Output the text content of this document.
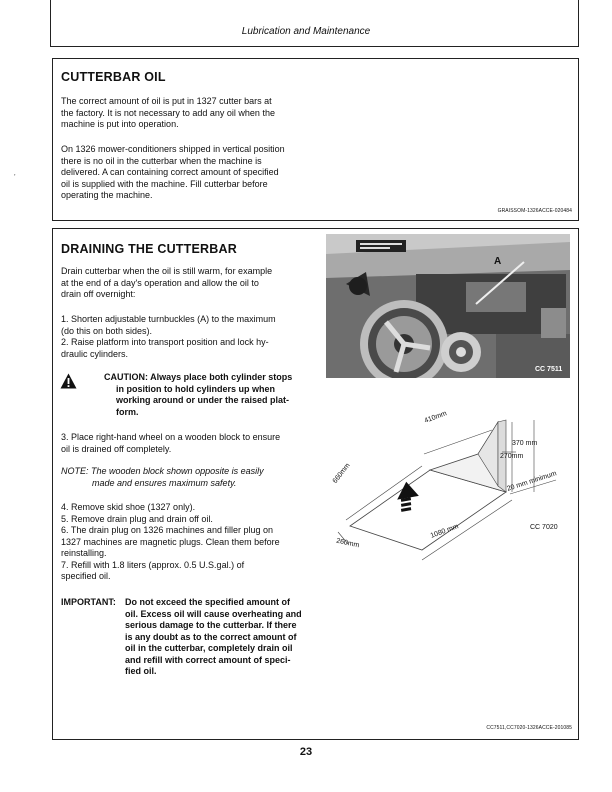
Lubrication and Maintenance
’
CUTTERBAR OIL

The correct amount of oil is put in 1327 cutter bars at

the factory. It is not necessary to add any oil when the

machine is put into operation.

On 1326 mower-conditioners shipped in vertical position

there is no oil in the cutterbar when the machine is

delivered. A can containing correct amount of specified

oil is supplied with the machine. Fill cutterbar before

operating the machine.

GRAISSOM-1326ACCE-020484
DRAINING THE CUTTERBAR

Drain cutterbar when the oil is still warm, for example

at the end of a day's operation and allow the oil to

drain off overnight:

1. Shorten adjustable turnbuckles (A) to the maximum

(do this on both sides).

2. Raise platform into transport position and lock hy-

draulic cylinders.

CAUTION: Always place both cylinder stops
in position to hold cylinders up when
working around or under the raised plat-
form.

3. Place right-hand wheel on a wooden block to ensure

oil is drained off completely.

NOTE: The wooden block shown opposite is easily
made and ensures maximum safety.

4. Remove skid shoe (1327 only).

5. Remove drain plug and drain off oil.

6. The drain plug on 1326 machines and filler plug on

1327 machines are magnetic plugs. Clean them before

reinstalling.

7. Refill with 1.8 liters (approx. 0.5 U.S.gal.) of

specified oil.

IMPORTANT: Do not exceed the specified amount of
oil. Excess oil will cause overheating and
serious damage to the cutterbar. If there
is any doubt as to the correct amount of
oil in the cutterbar, completely drain oil
and refill with correct amount of speci-
fied oil.
CC7511,CC7020-1326ACCE-201085
A
CC 7511
410mm
370 mm
270mm
660mm
1080 mm
260mm
20 mm minimum
CC 7020
23
